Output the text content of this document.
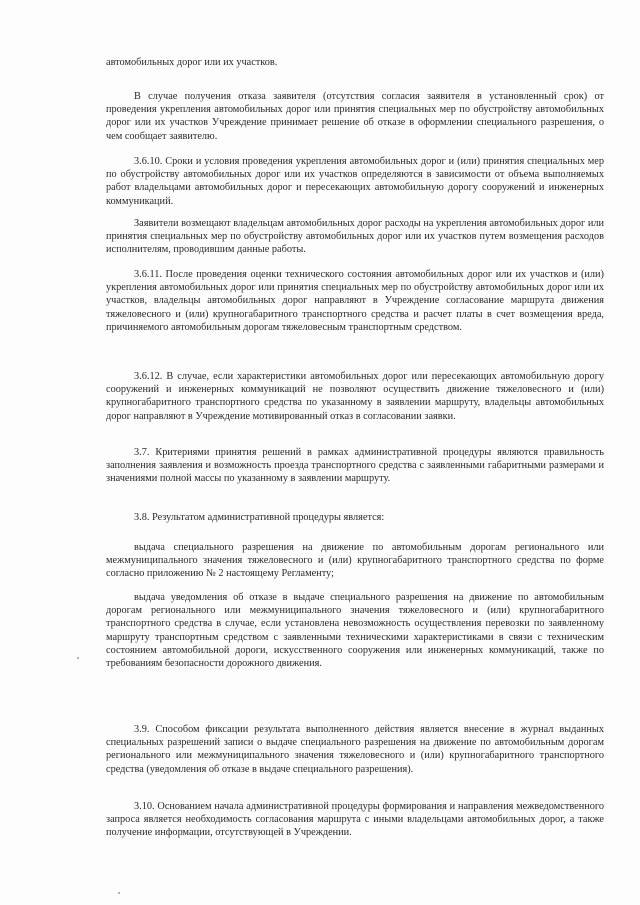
автомобильных дорог или их участков.

В случае получения отказа заявителя (отсутствия согласия заявителя в установленный срок) от проведения укрепления автомобильных дорог или принятия специальных мер по обустройству автомобильных дорог или их участков Учреждение принимает решение об отказе в оформлении специального разрешения, о чем сообщает заявителю.

3.6.10. Сроки и условия проведения укрепления автомобильных дорог и (или) принятия специальных мер по обустройству автомобильных дорог или их участков определяются в зависимости от объема выполняемых работ владельцами автомобильных дорог и пересекающих автомобильную дорогу сооружений и инженерных коммуникаций.

Заявители возмещают владельцам автомобильных дорог расходы на укрепления автомобильных дорог или принятия специальных мер по обустройству автомобильных дорог или их участков путем возмещения расходов исполнителям, проводившим данные работы.

3.6.11. После проведения оценки технического состояния автомобильных дорог или их участков и (или) укрепления автомобильных дорог или принятия специальных мер по обустройству автомобильных дорог или их участков, владельцы автомобильных дорог направляют в Учреждение согласование маршрута движения тяжеловесного и (или) крупногабаритного транспортного средства и расчет платы в счет возмещения вреда, причиняемого автомобильным дорогам тяжеловесным транспортным средством.

3.6.12. В случае, если характеристики автомобильных дорог или пересекающих автомобильную дорогу сооружений и инженерных коммуникаций не позволяют осуществить движение тяжеловесного и (или) крупногабаритного транспортного средства по указанному в заявлении маршруту, владельцы автомобильных дорог направляют в Учреждение мотивированный отказ в согласовании заявки.

3.7. Критериями принятия решений в рамках административной процедуры являются правильность заполнения заявления и возможность проезда транспортного средства с заявленными габаритными размерами и значениями полной массы по указанному в заявлении маршруту.

3.8. Результатом административной процедуры является:

выдача специального разрешения на движение по автомобильным дорогам регионального или межмуниципального значения тяжеловесного и (или) крупногабаритного транспортного средства по форме согласно приложению № 2 настоящему Регламенту;

выдача уведомления об отказе в выдаче специального разрешения на движение по автомобильным дорогам регионального или межмуниципального значения тяжеловесного и (или) крупногабаритного транспортного средства в случае, если установлена невозможность осуществления перевозки по заявленному маршруту транспортным средством с заявленными техническими характеристиками в связи с техническим состоянием автомобильной дороги, искусственного сооружения или инженерных коммуникаций, также по требованиям безопасности дорожного движения.

3.9. Способом фиксации результата выполненного действия является внесение в журнал выданных специальных разрешений записи о выдаче специального разрешения на движение по автомобильным дорогам регионального или межмуниципального значения тяжеловесного и (или) крупногабаритного транспортного средства (уведомления об отказе в выдаче специального разрешения).

3.10. Основанием начала административной процедуры формирования и направления межведомственного запроса является необходимость согласования маршрута с иными владельцами автомобильных дорог, а также получение информации, отсутствующей в Учреждении.
